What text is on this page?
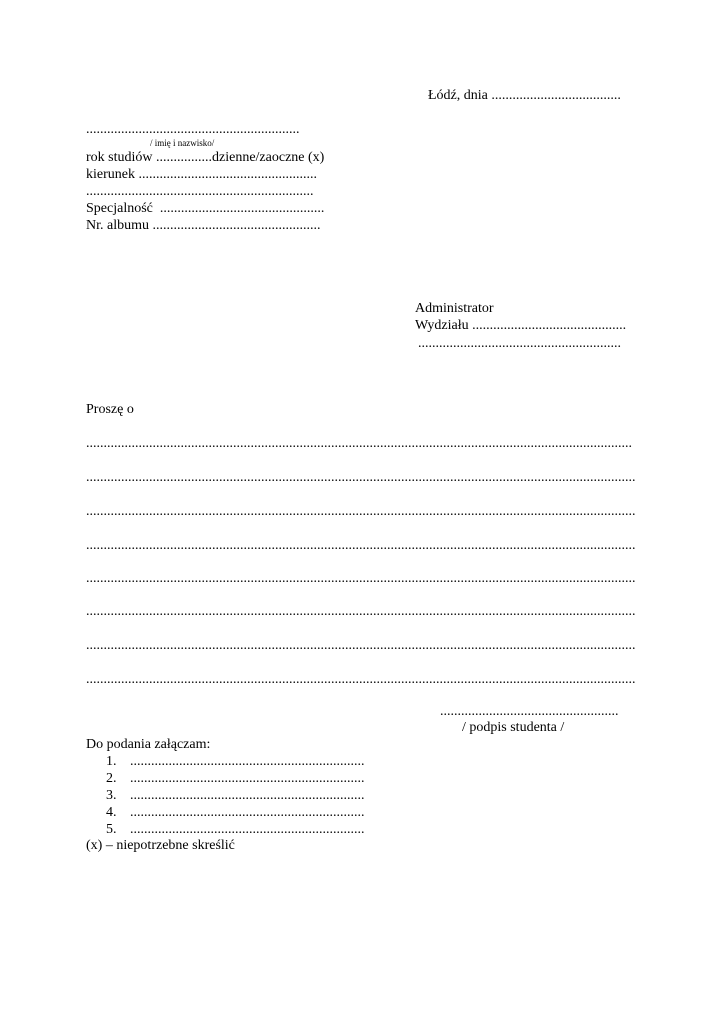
Łódź, dnia .....................................
.............................................................
/ imię i nazwisko/
rok studiów ................dzienne/zaoczne (x)
kierunek ...................................................
.................................................................
Specjalność  ...............................................
Nr. albumu ................................................
Administrator
Wydziału ............................................
..........................................................
Proszę o
............................................................................................................................................................
.............................................................................................................................................................
.............................................................................................................................................................
.............................................................................................................................................................
.............................................................................................................................................................
.............................................................................................................................................................
.............................................................................................................................................................
.............................................................................................................................................................
...................................................
/ podpis studenta /
Do podania załączam:
1. ...................................................................
2. ...................................................................
3. ...................................................................
4. ...................................................................
5. ...................................................................
(x) – niepotrzebne skreślić
